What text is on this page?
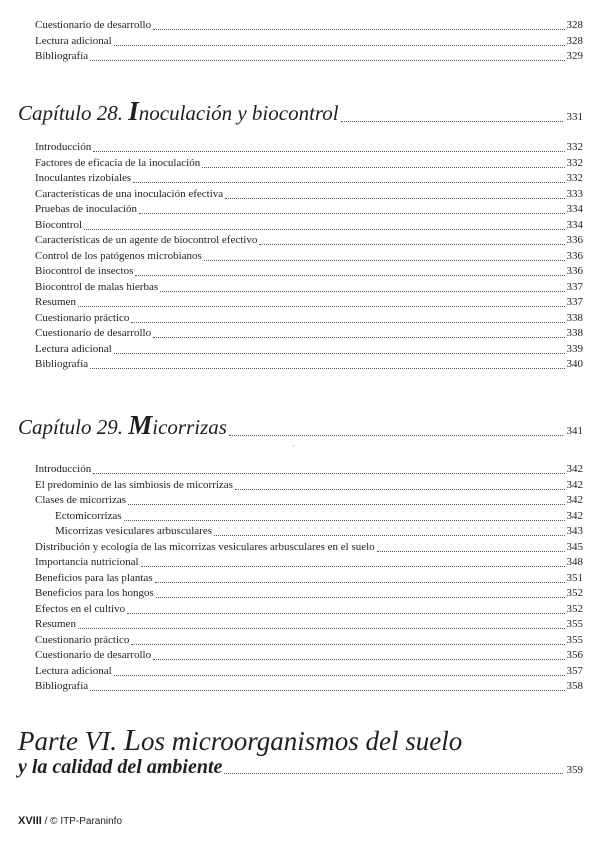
Cuestionario de desarrollo	328
Lectura adicional	328
Bibliografía	329
Capítulo 28. Inoculación y biocontrol	331
Introducción	332
Factores de eficacia de la inoculación	332
Inoculantes rizobiales	332
Características de una inoculación efectiva	333
Pruebas de inoculación	334
Biocontrol	334
Características de un agente de biocontrol efectivo	336
Control de los patógenos microbianos	336
Biocontrol de insectos	336
Biocontrol de malas hierbas	337
Resumen	337
Cuestionario práctico	338
Cuestionario de desarrollo	338
Lectura adicional	339
Bibliografía	340
Capítulo 29. Micorrizas	341
Introducción	342
El predominio de las simbiosis de micorrizas	342
Clases de micorrizas	342
Ectomicorrizas	342
Micorrizas vesiculares arbusculares	343
Distribución y ecología de las micorrizas vesiculares arbusculares en el suelo	345
Importancia nutricional	348
Beneficios para las plantas	351
Beneficios para los hongos	352
Efectos en el cultivo	352
Resumen	355
Cuestionario práctico	355
Cuestionario de desarrollo	356
Lectura adicional	357
Bibliografía	358
ˊ
Parte VI. Los microorganismos del suelo
y la calidad del ambiente	359
XVIII / © ITP-Paraninfo
